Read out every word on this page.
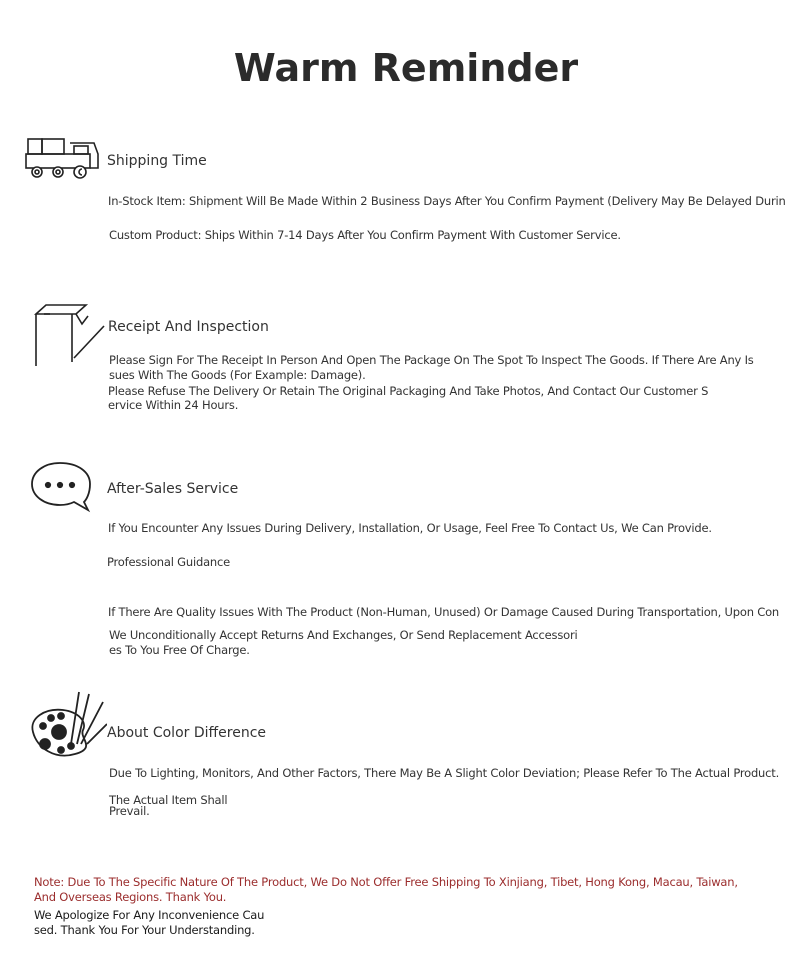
Warm Reminder
Shipping Time
In-Stock Item: Shipment Will Be Made Within 2 Business Days After You Confirm Payment (Delivery May Be Delayed Durin
Custom Product: Ships Within 7-14 Days After You Confirm Payment With Customer Service.
Receipt And Inspection
Please Sign For The Receipt In Person And Open The Package On The Spot To Inspect The Goods. If There Are Any Is
sues With The Goods (For Example: Damage).
Please Refuse The Delivery Or Retain The Original Packaging And Take Photos, And Contact Our Customer S
ervice Within 24 Hours.
After-Sales Service
If You Encounter Any Issues During Delivery, Installation, Or Usage, Feel Free To Contact Us, We Can Provide.
Professional Guidance
If There Are Quality Issues With The Product (Non-Human, Unused) Or Damage Caused During Transportation, Upon Con
We Unconditionally Accept Returns And Exchanges, Or Send Replacement Accessori
es To You Free Of Charge.
About Color Difference
Due To Lighting, Monitors, And Other Factors, There May Be A Slight Color Deviation; Please Refer To The Actual Product.
The Actual Item Shall
Prevail.
Note: Due To The Specific Nature Of The Product, We Do Not Offer Free Shipping To Xinjiang, Tibet, Hong Kong, Macau, Taiwan,
And Overseas Regions. Thank You.
We Apologize For Any Inconvenience Cau
sed. Thank You For Your Understanding.
